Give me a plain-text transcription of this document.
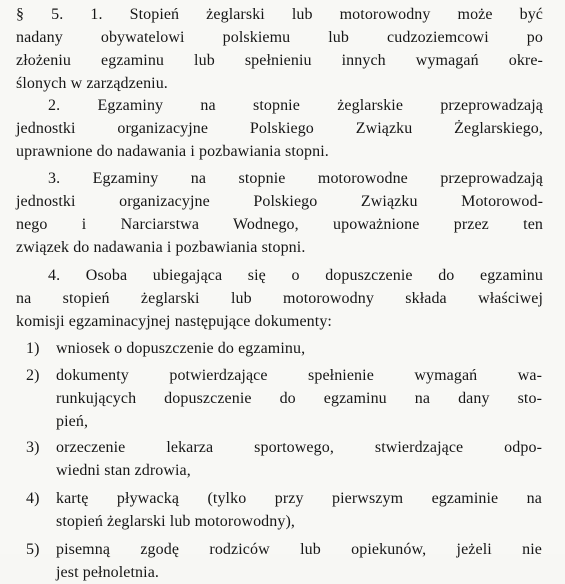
§ 5. 1. Stopień żeglarski lub motorowodny może być
nadany obywatelowi polskiemu lub cudzoziemcowi po
złożeniu egzaminu lub spełnieniu innych wymagań okre-
ślonych w zarządzeniu.
2. Egzaminy na stopnie żeglarskie przeprowadzają
jednostki organizacyjne Polskiego Związku Żeglarskiego,
uprawnione do nadawania i pozbawiania stopni.
3. Egzaminy na stopnie motorowodne przeprowadzają
jednostki organizacyjne Polskiego Związku Motorowod-
nego i Narciarstwa Wodnego, upoważnione przez ten
związek do nadawania i pozbawiania stopni.
4. Osoba ubiegająca się o dopuszczenie do egzaminu
na stopień żeglarski lub motorowodny składa właściwej
komisji egzaminacyjnej następujące dokumenty:
1)	wniosek o dopuszczenie do egzaminu,
2)	dokumenty potwierdzające spełnienie wymagań wa-
runkujących dopuszczenie do egzaminu na dany sto-
pień,
3)	orzeczenie lekarza sportowego, stwierdzające odpo-
wiedni stan zdrowia,
4)	kartę pływacką (tylko przy pierwszym egzaminie na
stopień żeglarski lub motorowodny),
5)	pisemną zgodę rodziców lub opiekunów, jeżeli nie
jest pełnoletnia.
